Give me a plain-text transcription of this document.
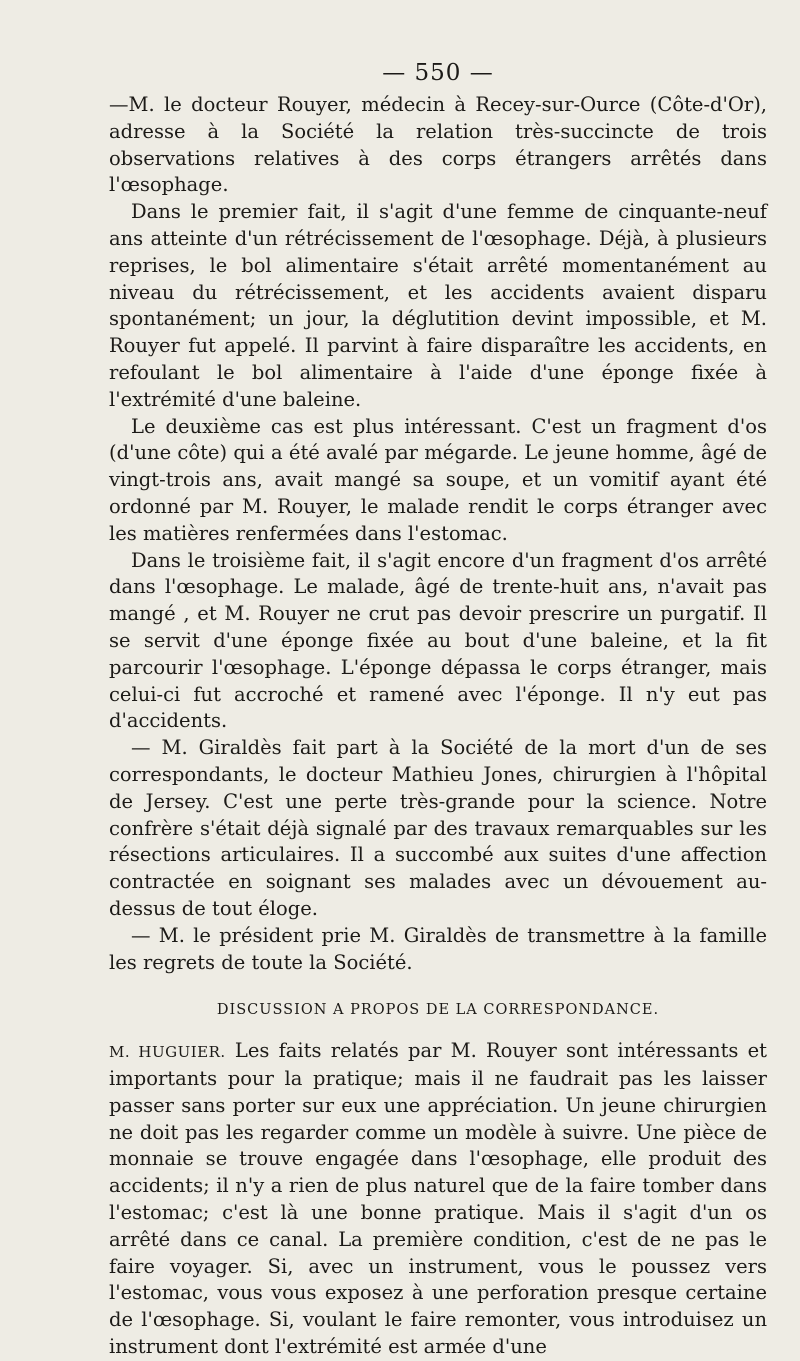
— 550 —

—M. le docteur Rouyer, médecin à Recey-sur-Ource (Côte-d'Or), adresse à la Société la relation très-succincte de trois observations relatives à des corps étrangers arrêtés dans l'œsophage.

Dans le premier fait, il s'agit d'une femme de cinquante-neuf ans atteinte d'un rétrécissement de l'œsophage. Déjà, à plusieurs reprises, le bol alimentaire s'était arrêté momentanément au niveau du rétrécissement, et les accidents avaient disparu spontanément; un jour, la déglutition devint impossible, et M. Rouyer fut appelé. Il parvint à faire disparaître les accidents, en refoulant le bol alimentaire à l'aide d'une éponge fixée à l'extrémité d'une baleine.

Le deuxième cas est plus intéressant. C'est un fragment d'os (d'une côte) qui a été avalé par mégarde. Le jeune homme, âgé de vingt-trois ans, avait mangé sa soupe, et un vomitif ayant été ordonné par M. Rouyer, le malade rendit le corps étranger avec les matières renfermées dans l'estomac.

Dans le troisième fait, il s'agit encore d'un fragment d'os arrêté dans l'œsophage. Le malade, âgé de trente-huit ans, n'avait pas mangé , et M. Rouyer ne crut pas devoir prescrire un purgatif. Il se servit d'une éponge fixée au bout d'une baleine, et la fit parcourir l'œsophage. L'éponge dépassa le corps étranger, mais celui-ci fut accroché et ramené avec l'éponge. Il n'y eut pas d'accidents.

— M. Giraldès fait part à la Société de la mort d'un de ses correspondants, le docteur Mathieu Jones, chirurgien à l'hôpital de Jersey. C'est une perte très-grande pour la science. Notre confrère s'était déjà signalé par des travaux remarquables sur les résections articulaires. Il a succombé aux suites d'une affection contractée en soignant ses malades avec un dévouement au-dessus de tout éloge.

— M. le président prie M. Giraldès de transmettre à la famille les regrets de toute la Société.

DISCUSSION A PROPOS DE LA CORRESPONDANCE.

M. HUGUIER. Les faits relatés par M. Rouyer sont intéressants et importants pour la pratique; mais il ne faudrait pas les laisser passer sans porter sur eux une appréciation. Un jeune chirurgien ne doit pas les regarder comme un modèle à suivre. Une pièce de monnaie se trouve engagée dans l'œsophage, elle produit des accidents; il n'y a rien de plus naturel que de la faire tomber dans l'estomac; c'est là une bonne pratique. Mais il s'agit d'un os arrêté dans ce canal. La première condition, c'est de ne pas le faire voyager. Si, avec un instrument, vous le poussez vers l'estomac, vous vous exposez à une perforation presque certaine de l'œsophage. Si, voulant le faire remonter, vous introduisez un instrument dont l'extrémité est armée d'une
